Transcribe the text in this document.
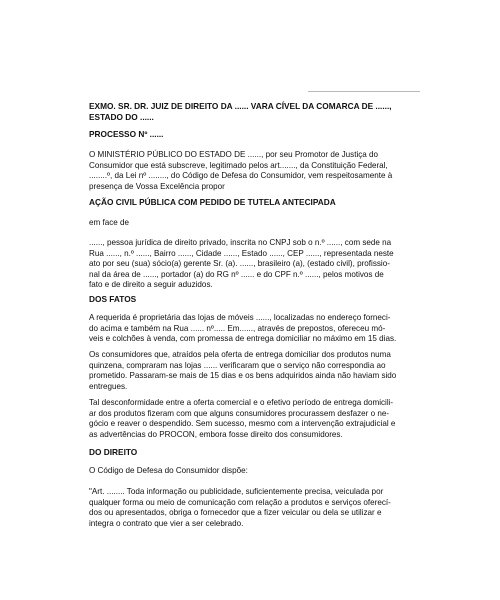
EXMO. SR. DR. JUIZ DE DIREITO DA ...... VARA CÍVEL DA COMARCA DE ......,
ESTADO DO ......
PROCESSO Nº ......
O MINISTÉRIO PÚBLICO DO ESTADO DE ......, por seu Promotor de Justiça do
Consumidor que está subscreve, legitimado pelos art......., da Constituição Federal,
........º, da Lei nº ........, do Código de Defesa do Consumidor, vem respeitosamente à
presença de Vossa Excelência propor
AÇÃO CIVIL PÚBLICA COM PEDIDO DE TUTELA ANTECIPADA
em face de
......, pessoa jurídica de direito privado, inscrita no CNPJ sob o n.º ......, com sede na
Rua ......, n.º ......, Bairro ......, Cidade ......, Estado ......, CEP ......, representada neste
ato por seu (sua) sócio(a) gerente Sr. (a). ......, brasileiro (a), (estado civil), profissio-
nal da área de ......, portador (a) do RG nº ...... e do CPF n.º ......, pelos motivos de
fato e de direito a seguir aduzidos.
DOS FATOS
A requerida é proprietária das lojas de móveis ......, localizadas no endereço forneci-
do acima e também na Rua ...... nº..... Em......, através de prepostos, ofereceu mó-
veis e colchões à venda, com promessa de entrega domiciliar no máximo em 15 dias.
Os consumidores que, atraídos pela oferta de entrega domiciliar dos produtos numa
quinzena, compraram nas lojas ...... verificaram que o serviço não correspondia ao
prometido. Passaram-se mais de 15 dias e os bens adquiridos ainda não haviam sido
entregues.
Tal desconformidade entre a oferta comercial e o efetivo período de entrega domicili-
ar dos produtos fizeram com que alguns consumidores procurassem desfazer o ne-
gócio e reaver o despendido. Sem sucesso, mesmo com a intervenção extrajudicial e
as advertências do PROCON, embora fosse direito dos consumidores.
DO DIREITO
O Código de Defesa do Consumidor dispõe:
"Art. ........ Toda informação ou publicidade, suficientemente precisa, veiculada por
qualquer forma ou meio de comunicação com relação a produtos e serviços oferecí-
dos ou apresentados, obriga o fornecedor que a fizer veicular ou dela se utilizar e
integra o contrato que vier a ser celebrado.
